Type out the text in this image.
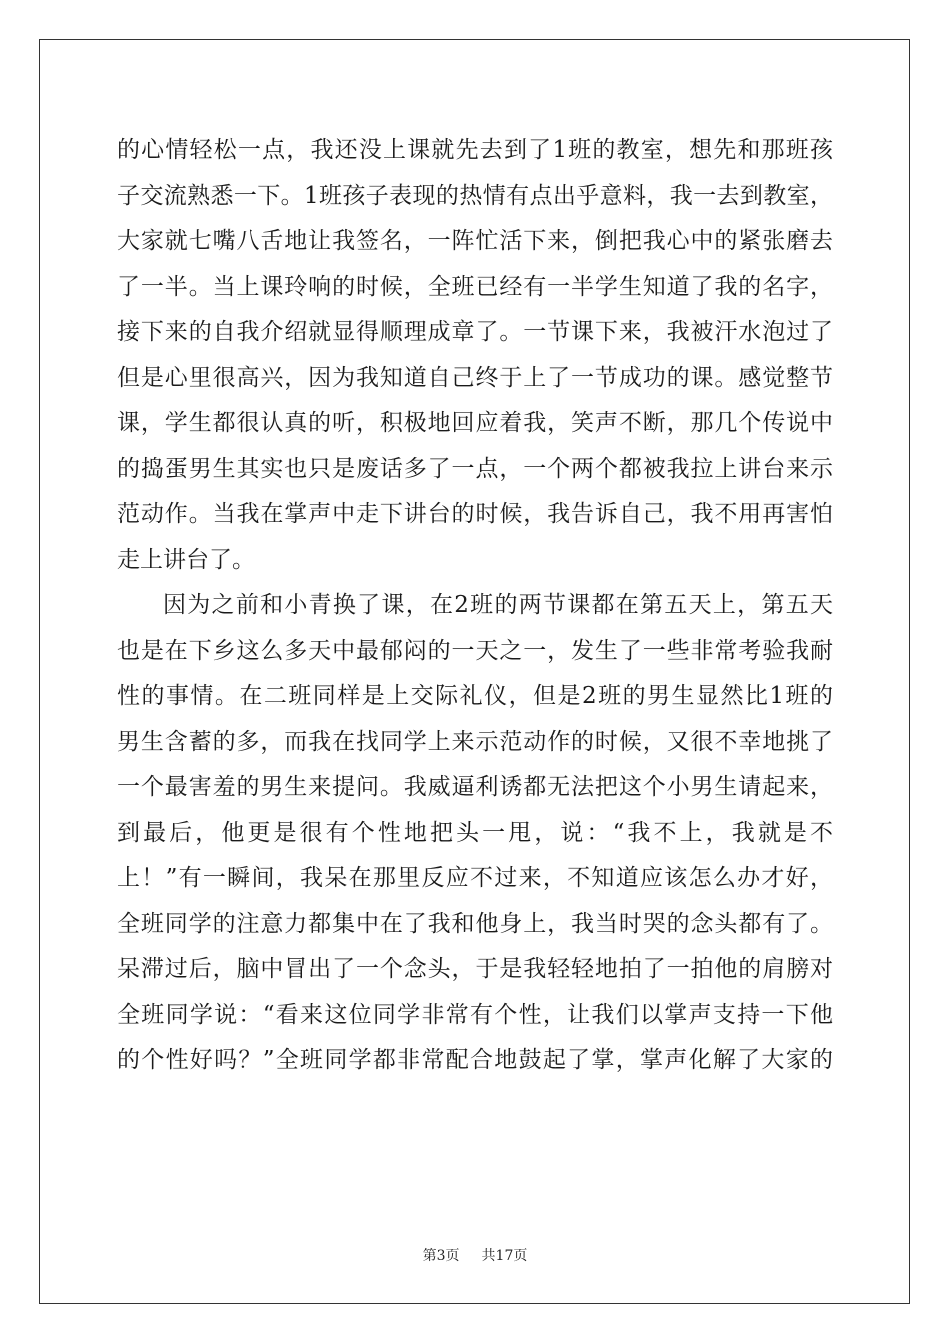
的心情轻松一点，我还没上课就先去到了1班的教室，想先和那班孩
子交流熟悉一下。1班孩子表现的热情有点出乎意料，我一去到教室，
大家就七嘴八舌地让我签名，一阵忙活下来，倒把我心中的紧张磨去
了一半。当上课玲响的时候，全班已经有一半学生知道了我的名字，
接下来的自我介绍就显得顺理成章了。一节课下来，我被汗水泡过了
但是心里很高兴，因为我知道自己终于上了一节成功的课。感觉整节
课，学生都很认真的听，积极地回应着我，笑声不断，那几个传说中
的捣蛋男生其实也只是废话多了一点，一个两个都被我拉上讲台来示
范动作。当我在掌声中走下讲台的时候，我告诉自己，我不用再害怕
走上讲台了。
因为之前和小青换了课，在2班的两节课都在第五天上，第五天
也是在下乡这么多天中最郁闷的一天之一，发生了一些非常考验我耐
性的事情。在二班同样是上交际礼仪，但是2班的男生显然比1班的
男生含蓄的多，而我在找同学上来示范动作的时候，又很不幸地挑了
一个最害羞的男生来提问。我威逼利诱都无法把这个小男生请起来，
到最后，他更是很有个性地把头一甩，说：“我不上，我就是不
上！”有一瞬间，我呆在那里反应不过来，不知道应该怎么办才好，
全班同学的注意力都集中在了我和他身上，我当时哭的念头都有了。
呆滞过后，脑中冒出了一个念头，于是我轻轻地拍了一拍他的肩膀对
全班同学说：“看来这位同学非常有个性，让我们以掌声支持一下他
的个性好吗？”全班同学都非常配合地鼓起了掌，掌声化解了大家的
第3页 共17页
